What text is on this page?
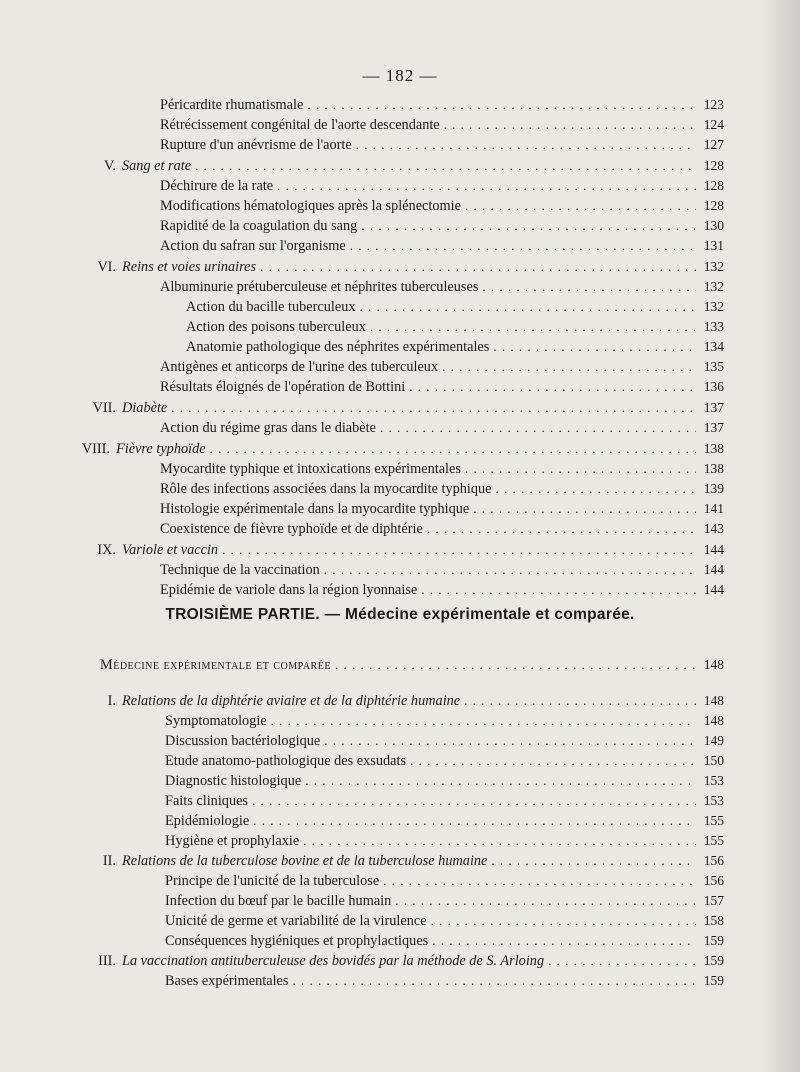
— 182 —
Péricardite rhumatismale . . .	123
Rétrécissement congénital de l'aorte descendante . . .	124
Rupture d'un anévrisme de l'aorte . . .	127
V. Sang et rate . . .	128
Déchirure de la rate . . .	128
Modifications hématologiques après la splénectomie . . .	128
Rapidité de la coagulation du sang . . .	130
Action du safran sur l'organisme . . .	131
VI. Reins et voies urinaires . . .	132
Albuminurie prétuberculeuse et néphrites tuberculeuses . . .	132
Action du bacille tuberculeux . . .	132
Action des poisons tuberculeux . . .	133
Anatomie pathologique des néphrites expérimentales . . .	134
Antigènes et anticorps de l'urine des tuberculeux . . .	135
Résultats éloignés de l'opération de Bottini . . .	136
VII. Diabète . . .	137
Action du régime gras dans le diabète . . .	137
VIII. Fièvre typhoïde . . .	138
Myocardite typhique et intoxications expérimentales . . .	138
Rôle des infections associées dans la myocardite typhique . . .	139
Histologie expérimentale dans la myocardite typhique . . .	141
Coexistence de fièvre typhoïde et de diphtérie . . .	143
IX. Variole et vaccin . . .	144
Technique de la vaccination . . .	144
Epidémie de variole dans la région lyonnaise . . .	144
Médecine expérimentale et comparée . . .	148
I. Relations de la diphtérie aviaire et de la diphtérie humaine . . .	148
Symptomatologie . . .	148
Discussion bactériologique . . .	149
Etude anatomo-pathologique des exsudats . . .	150
Diagnostic histologique . . .	153
Faits cliniques . . .	153
Epidémiologie . . .	155
Hygiène et prophylaxie . . .	155
II. Relations de la tuberculose bovine et de la tuberculose humaine . . .	156
Principe de l'unicité de la tuberculose . . .	156
Infection du bœuf par le bacille humain . . .	157
Unicité de germe et variabilité de la virulence . . .	158
Conséquences hygiéniques et prophylactiques . . .	159
III. La vaccination antituberculeuse des bovidés par la méthode de S. Arloing . . .	159
Bases expérimentales . . .	159
TROISIÈME PARTIE. — Médecine expérimentale et comparée.
